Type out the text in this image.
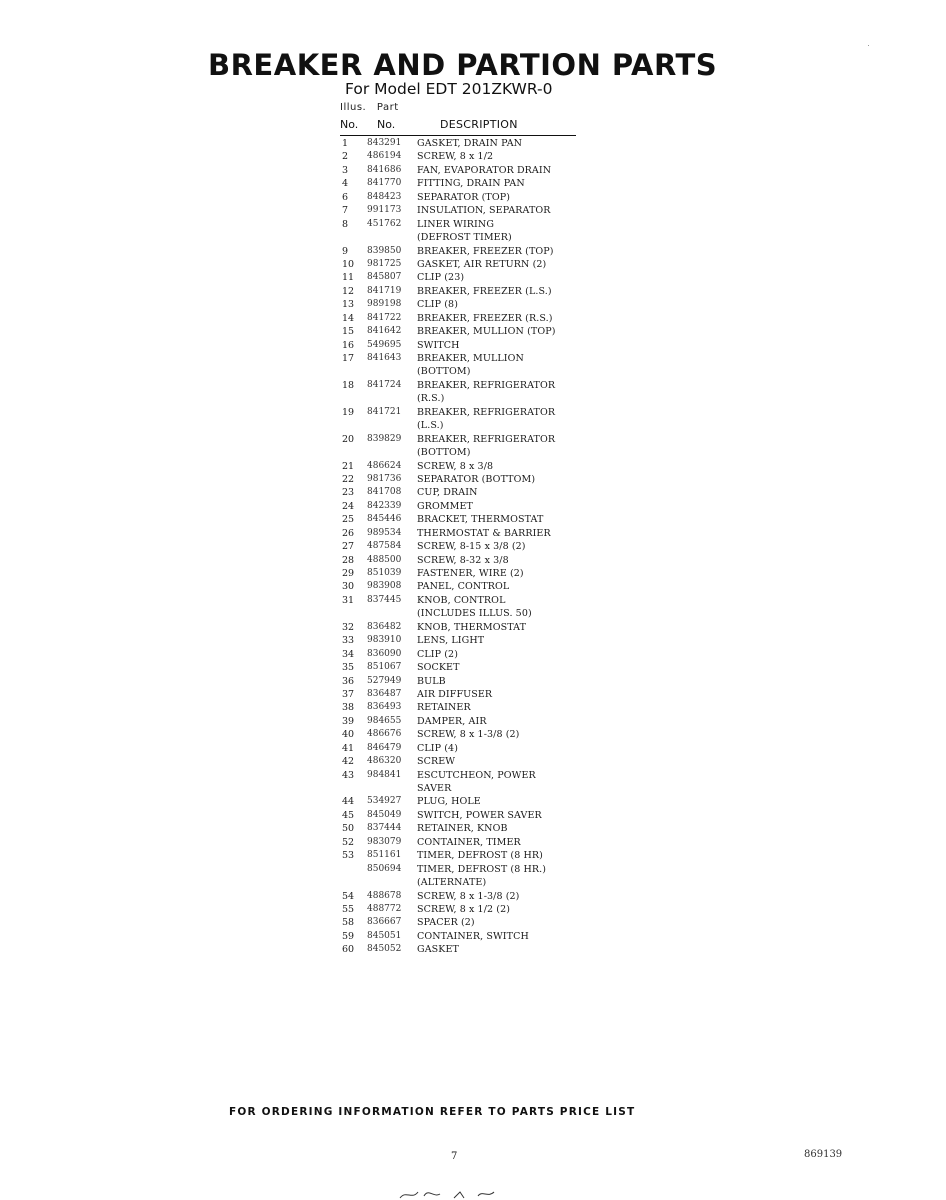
BREAKER AND PARTION PARTS
For Model EDT 201ZKWR-0
Illus. Part
No. No.	DESCRIPTION
1	843291 GASKET, DRAIN PAN
2	486194 SCREW, 8 x 1/2
3	841686 FAN, EVAPORATOR DRAIN
4	841770 FITTING, DRAIN PAN
6	848423 SEPARATOR (TOP)
7	991173 INSULATION, SEPARATOR
8	451762 LINER WIRING
(DEFROST TIMER)
9	839850 BREAKER, FREEZER (TOP)
10	981725 GASKET, AIR RETURN (2)
11	845807 CLIP (23)
12	841719 BREAKER, FREEZER (L.S.)
13	989198 CLIP (8)
14	841722 BREAKER, FREEZER (R.S.)
15	841642 BREAKER, MULLION (TOP)
16	549695 SWITCH
17	841643 BREAKER, MULLION
(BOTTOM)
18	841724 BREAKER, REFRIGERATOR
(R.S.)
19	841721 BREAKER, REFRIGERATOR
(L.S.)
20	839829 BREAKER, REFRIGERATOR
(BOTTOM)
21	486624 SCREW, 8 x 3/8
22	981736 SEPARATOR (BOTTOM)
23	841708 CUP, DRAIN
24	842339 GROMMET
25	845446 BRACKET, THERMOSTAT
26	989534 THERMOSTAT & BARRIER
27	487584 SCREW, 8-15 x 3/8 (2)
28	488500 SCREW, 8-32 x 3/8
29	851039 FASTENER, WIRE (2)
30	983908 PANEL, CONTROL
31	837445 KNOB, CONTROL
(INCLUDES ILLUS. 50)
32	836482 KNOB, THERMOSTAT
33	983910 LENS, LIGHT
34	836090 CLIP (2)
35	851067 SOCKET
36	527949 BULB
37	836487 AIR DIFFUSER
38	836493 RETAINER
39	984655 DAMPER, AIR
40	486676 SCREW, 8 x 1-3/8 (2)
41	846479 CLIP (4)
42	486320 SCREW
43	984841 ESCUTCHEON, POWER
SAVER
44	534927 PLUG, HOLE
45	845049 SWITCH, POWER SAVER
50	837444 RETAINER, KNOB
52	983079 CONTAINER, TIMER
53	851161 TIMER, DEFROST (8 HR)
850694 TIMER, DEFROST (8 HR.)
(ALTERNATE)
54	488678 SCREW, 8 x 1-3/8 (2)
55	488772 SCREW, 8 x 1/2 (2)
58	836667 SPACER (2)
59	845051 CONTAINER, SWITCH
60	845052 GASKET
FOR ORDERING INFORMATION REFER TO PARTS PRICE LIST
7	869139
